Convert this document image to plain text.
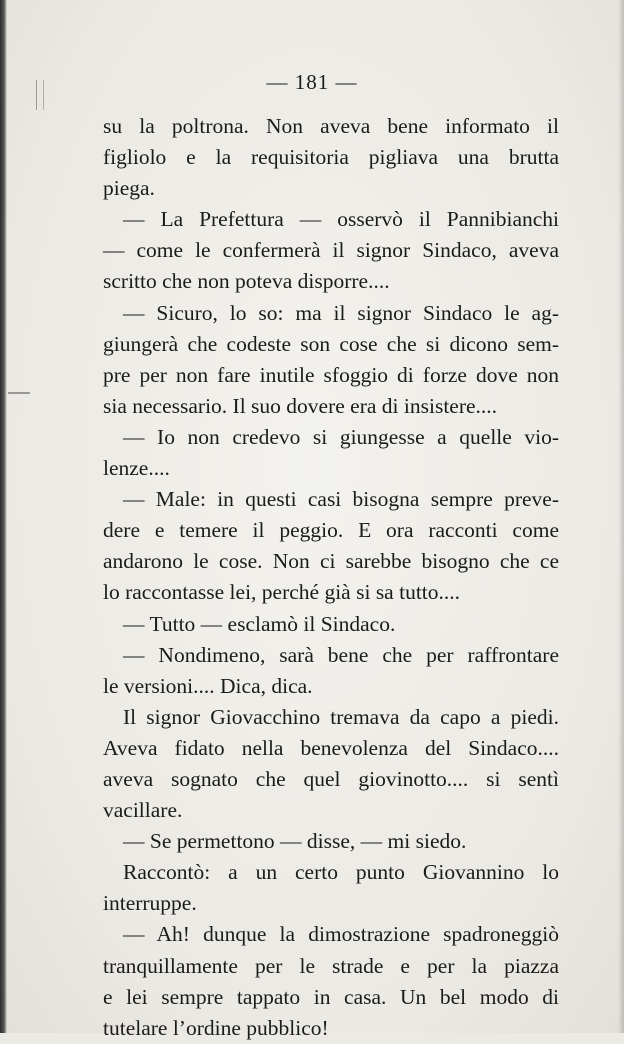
— 181 —
su la poltrona. Non aveva bene informato il
figliolo e la requisitoria pigliava una brutta
piega.
— La Prefettura — osservò il Pannibianchi
— come le confermerà il signor Sindaco, aveva
scritto che non poteva disporre....
— Sicuro, lo so: ma il signor Sindaco le ag-
giungerà che codeste son cose che si dicono sem-
pre per non fare inutile sfoggio di forze dove non
sia necessario. Il suo dovere era di insistere....
— Io non credevo si giungesse a quelle vio-
lenze....
— Male: in questi casi bisogna sempre preve-
dere e temere il peggio. E ora racconti come
andarono le cose. Non ci sarebbe bisogno che ce
lo raccontasse lei, perché già si sa tutto....
— Tutto — esclamò il Sindaco.
— Nondimeno, sarà bene che per raffrontare
le versioni.... Dica, dica.
Il signor Giovacchino tremava da capo a piedi.
Aveva fidato nella benevolenza del Sindaco....
aveva sognato che quel giovinotto.... si sentì
vacillare.
— Se permettono — disse, — mi siedo.
Raccontò: a un certo punto Giovannino lo
interruppe.
— Ah! dunque la dimostrazione spadroneggiò
tranquillamente per le strade e per la piazza
e lei sempre tappato in casa. Un bel modo di
tutelare l’ordine pubblico!
